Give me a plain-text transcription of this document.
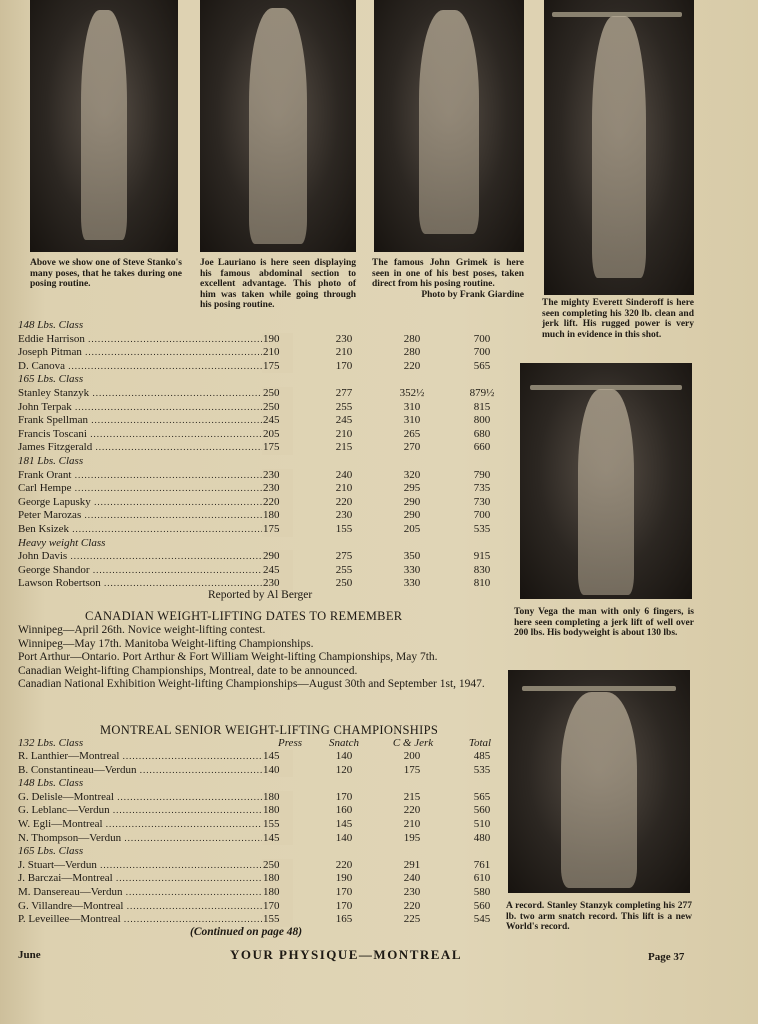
Above we show one of Steve Stanko's many poses, that he takes during one posing routine.
Joe Lauriano is here seen displaying his famous abdominal section to excellent advantage. This photo of him was taken while going through his posing routine.
The famous John Grimek is here seen in one of his best poses, taken direct from his posing routine.
Photo by Frank Giardine
The mighty Everett Sinderoff is here seen completing his 320 lb. clean and jerk lift. His rugged power is very much in evidence in this shot.
Tony Vega the man with only 6 fingers, is here seen completing a jerk lift of well over 200 lbs. His bodyweight is about 130 lbs.
A record. Stanley Stanzyk completing his 277 lb. two arm snatch record. This lift is a new World's record.
148 Lbs. Class
Eddie Harrison .....	190	230	280	700
Joseph Pitman .....	210	210	280	700
D. Canova .....	175	170	220	565
165 Lbs. Class
Stanley Stanzyk .....	250	277	352½	879½
John Terpak .....	250	255	310	815
Frank Spellman .....	245	245	310	800
Francis Toscani .....	205	210	265	680
James Fitzgerald .....	175	215	270	660
181 Lbs. Class
Frank Orant .....	230	240	320	790
Carl Hempe .....	230	210	295	735
George Lapusky .....	220	220	290	730
Peter Marozas .....	180	230	290	700
Ben Ksizek .....	175	155	205	535
Heavy weight Class
John Davis .....	290	275	350	915
George Shandor .....	245	255	330	830
Lawson Robertson .....	230	250	330	810
Reported by Al Berger
CANADIAN WEIGHT-LIFTING DATES TO REMEMBER
Winnipeg—April 26th. Novice weight-lifting contest.
Winnipeg—May 17th. Manitoba Weight-lifting Championships.
Port Arthur—Ontario. Port Arthur & Fort William Weight-lifting Championships, May 7th.
Canadian Weight-lifting Championships, Montreal, date to be announced.
Canadian National Exhibition Weight-lifting Championships—August 30th and September 1st, 1947.
MONTREAL SENIOR WEIGHT-LIFTING CHAMPIONSHIPS
132 Lbs. Class	Press	Snatch	C & Jerk	Total
R. Lanthier—Montreal .....	145	140	200	485
B. Constantineau—Verdun .....	140	120	175	535
148 Lbs. Class
G. Delisle—Montreal .....	180	170	215	565
G. Leblanc—Verdun .....	180	160	220	560
W. Egli—Montreal .....	155	145	210	510
N. Thompson—Verdun .....	145	140	195	480
165 Lbs. Class
J. Stuart—Verdun .....	250	220	291	761
J. Barczai—Montreal .....	180	190	240	610
M. Dansereau—Verdun .....	180	170	230	580
G. Villandre—Montreal .....	170	170	220	560
P. Leveillee—Montreal .....	155	165	225	545
(Continued on page 48)
June	YOUR PHYSIQUE—MONTREAL	Page 37
